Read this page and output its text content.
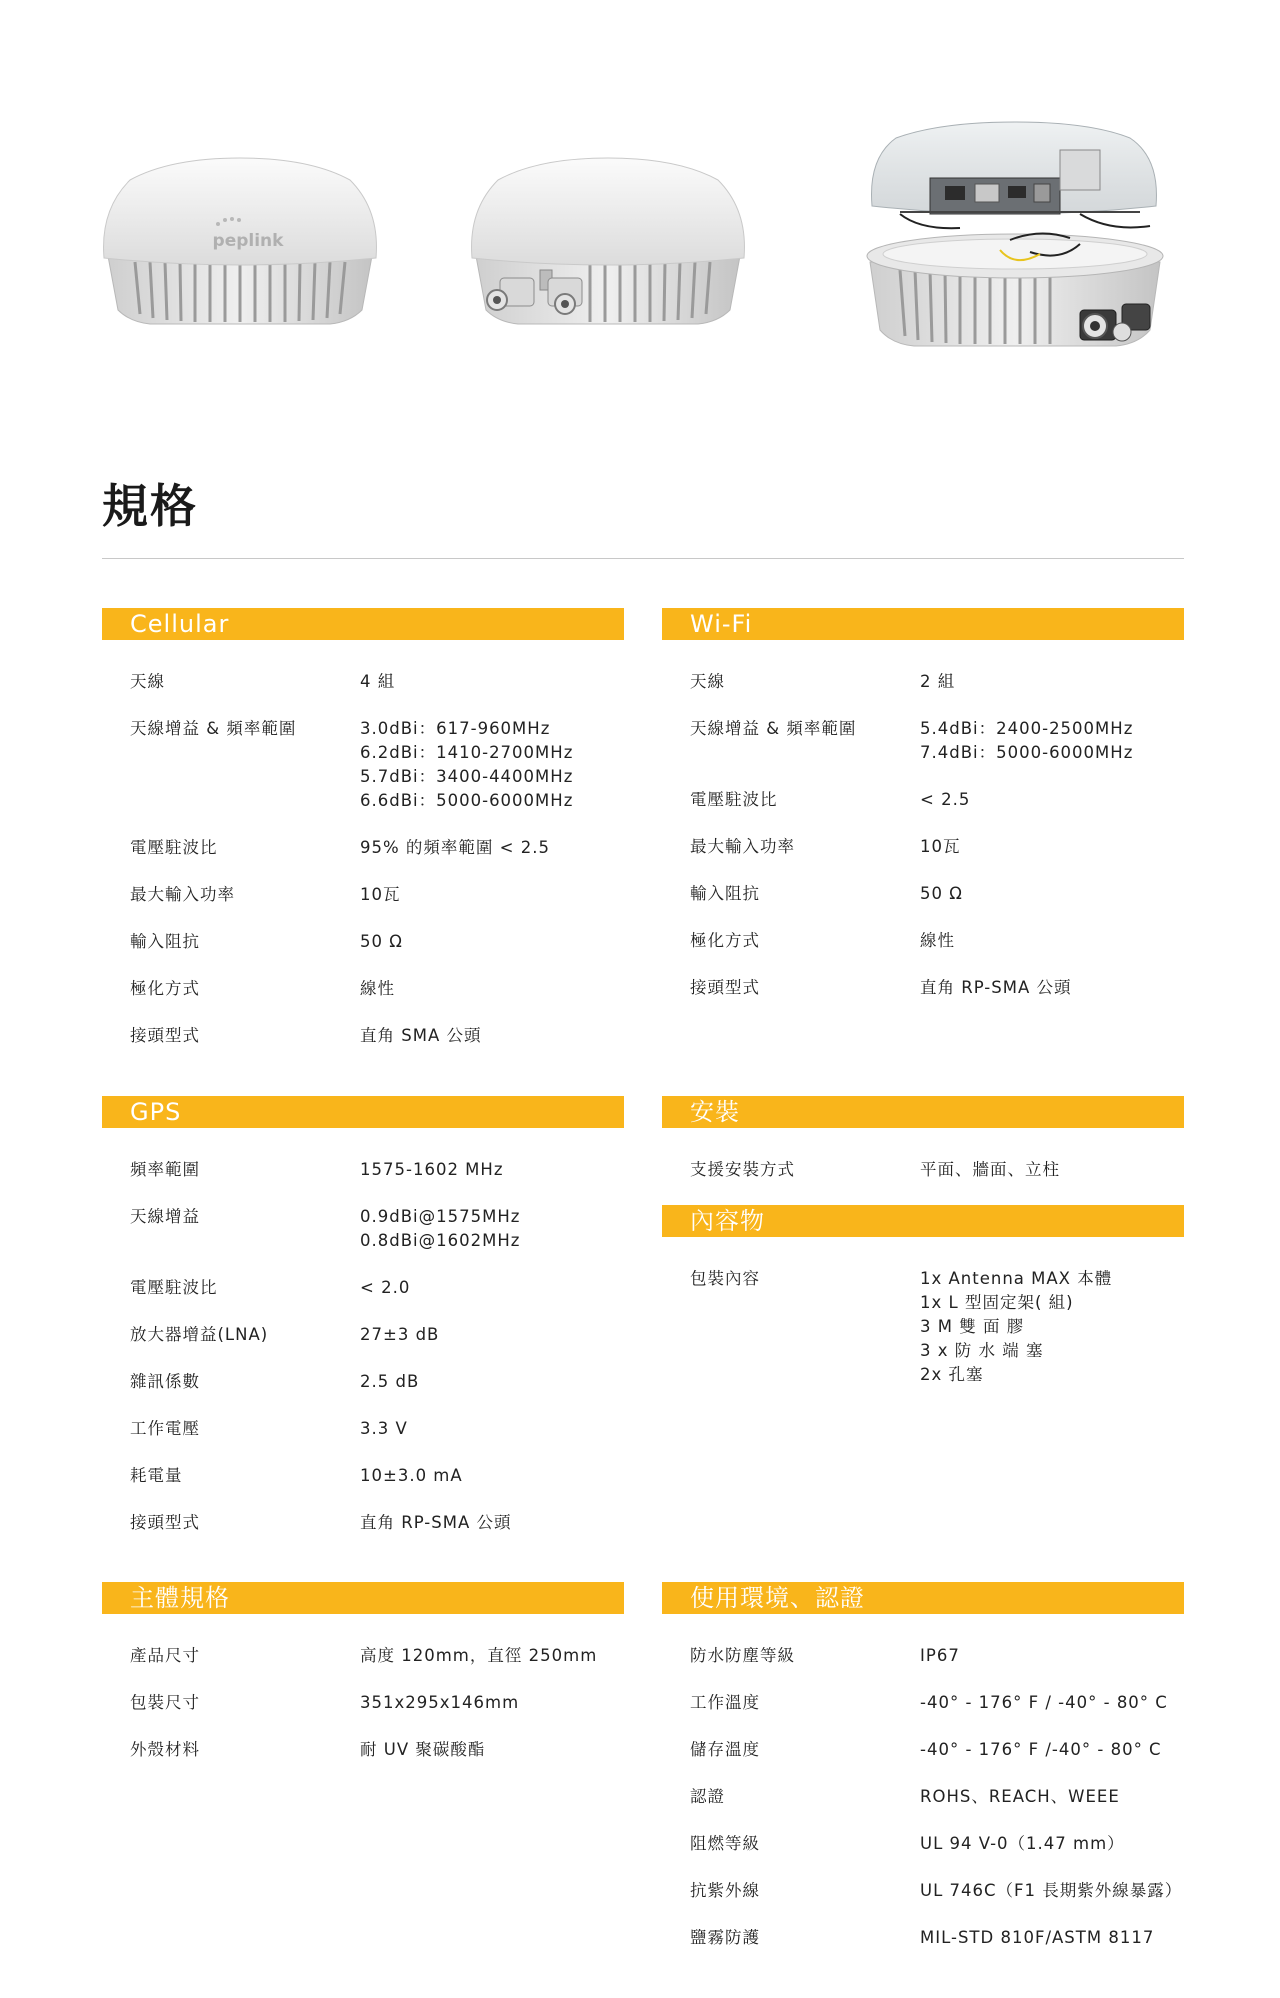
peplink
規格
Cellular
天線	4 組
天線增益 & 頻率範圍	3.0dBi：617-960MHz
6.2dBi：1410-2700MHz
5.7dBi：3400-4400MHz
6.6dBi：5000-6000MHz
電壓駐波比	95% 的頻率範圍 < 2.5
最大輸入功率	10瓦
輸入阻抗	50 Ω
極化方式	線性
接頭型式	直角 SMA 公頭
Wi-Fi
天線	2 組
天線增益 & 頻率範圍	5.4dBi：2400-2500MHz
7.4dBi：5000-6000MHz
電壓駐波比	< 2.5
最大輸入功率	10瓦
輸入阻抗	50 Ω
極化方式	線性
接頭型式	直角 RP-SMA 公頭
GPS
頻率範圍	1575-1602 MHz
天線增益	0.9dBi@1575MHz
0.8dBi@1602MHz
電壓駐波比	< 2.0
放大器增益(LNA)	27±3 dB
雜訊係數	2.5 dB
工作電壓	3.3 V
耗電量	10±3.0 mA
接頭型式	直角 RP-SMA 公頭
安裝
支援安裝方式	平面、牆面、立柱
內容物
包裝內容	1x Antenna MAX 本體
1x L 型固定架( 組)
3 M 雙 面 膠
3 x 防 水 端 塞
2x 孔塞
主體規格
產品尺寸	高度 120mm，直徑 250mm
包裝尺寸	351x295x146mm
外殼材料	耐 UV 聚碳酸酯
使用環境、認證
防水防塵等級	IP67
工作溫度	-40° - 176° F / -40° - 80° C
儲存溫度	-40° - 176° F /-40° - 80° C
認證	ROHS、REACH、WEEE
阻燃等級	UL 94 V-0（1.47 mm）
抗紫外線	UL 746C（F1 長期紫外線暴露）
鹽霧防護	MIL-STD 810F/ASTM 8117
